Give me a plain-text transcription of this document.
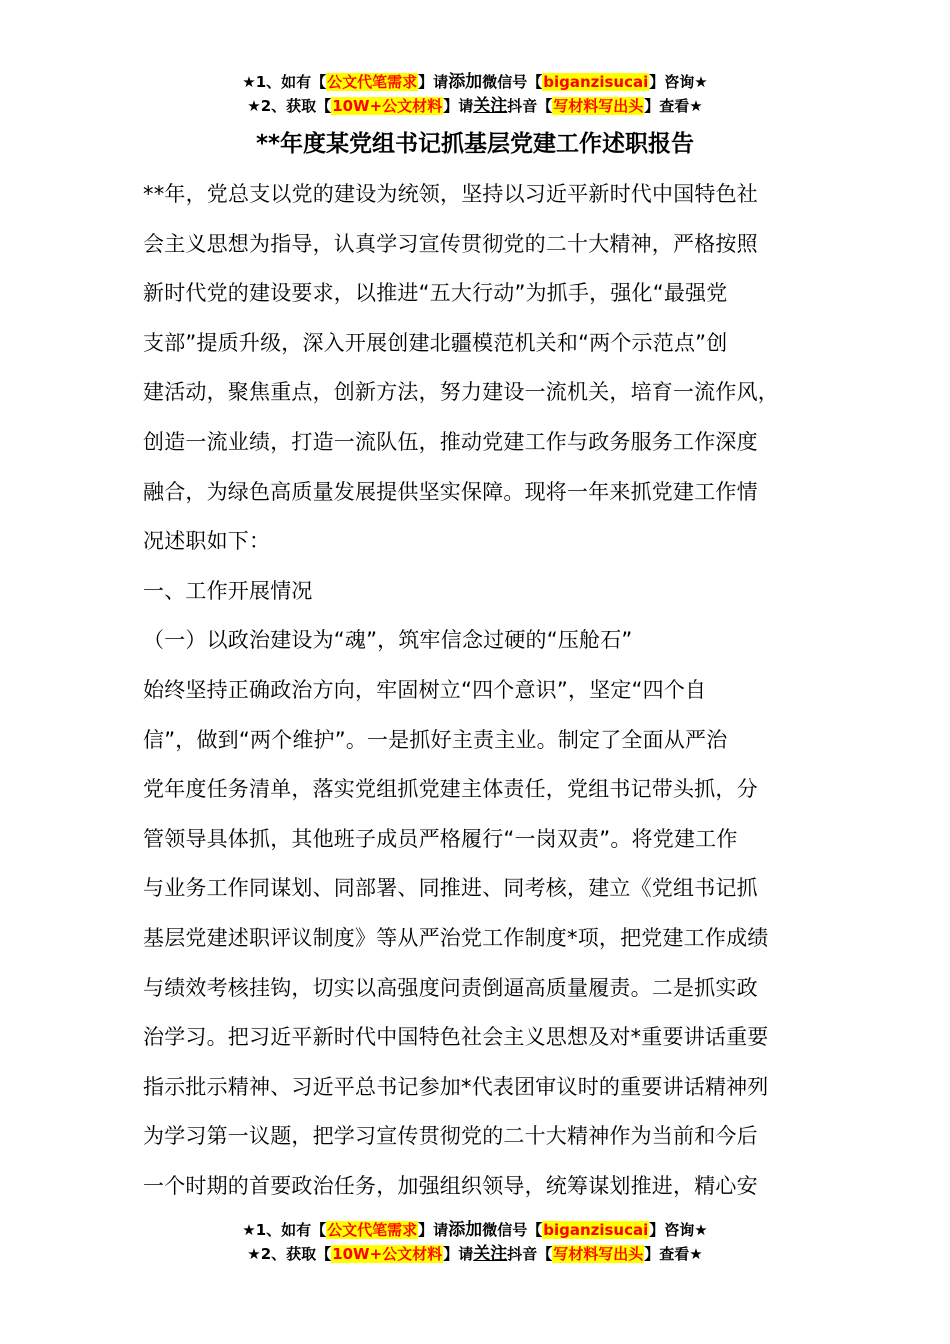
★1、如有【公文代笔需求】请添加微信号【biganzisucai】咨询★
★2、获取【10W+公文材料】请关注抖音【写材料写出头】查看★
**年度某党组书记抓基层党建工作述职报告
**年，党总支以党的建设为统领，坚持以习近平新时代中国特色社
会主义思想为指导，认真学习宣传贯彻党的二十大精神，严格按照
新时代党的建设要求，以推进“五大行动”为抓手，强化“最强党
支部”提质升级，深入开展创建北疆模范机关和“两个示范点”创
建活动，聚焦重点，创新方法，努力建设一流机关，培育一流作风，
创造一流业绩，打造一流队伍，推动党建工作与政务服务工作深度
融合，为绿色高质量发展提供坚实保障。现将一年来抓党建工作情
况述职如下：
一、工作开展情况
（一）以政治建设为“魂”，筑牢信念过硬的“压舱石”
始终坚持正确政治方向，牢固树立“四个意识”，坚定“四个自
信”，做到“两个维护”。一是抓好主责主业。制定了全面从严治
党年度任务清单，落实党组抓党建主体责任，党组书记带头抓，分
管领导具体抓，其他班子成员严格履行“一岗双责”。将党建工作
与业务工作同谋划、同部署、同推进、同考核，建立《党组书记抓
基层党建述职评议制度》等从严治党工作制度*项，把党建工作成绩
与绩效考核挂钩，切实以高强度问责倒逼高质量履责。二是抓实政
治学习。把习近平新时代中国特色社会主义思想及对*重要讲话重要
指示批示精神、习近平总书记参加*代表团审议时的重要讲话精神列
为学习第一议题，把学习宣传贯彻党的二十大精神作为当前和今后
一个时期的首要政治任务，加强组织领导，统筹谋划推进，精心安
★1、如有【公文代笔需求】请添加微信号【biganzisucai】咨询★
★2、获取【10W+公文材料】请关注抖音【写材料写出头】查看★
